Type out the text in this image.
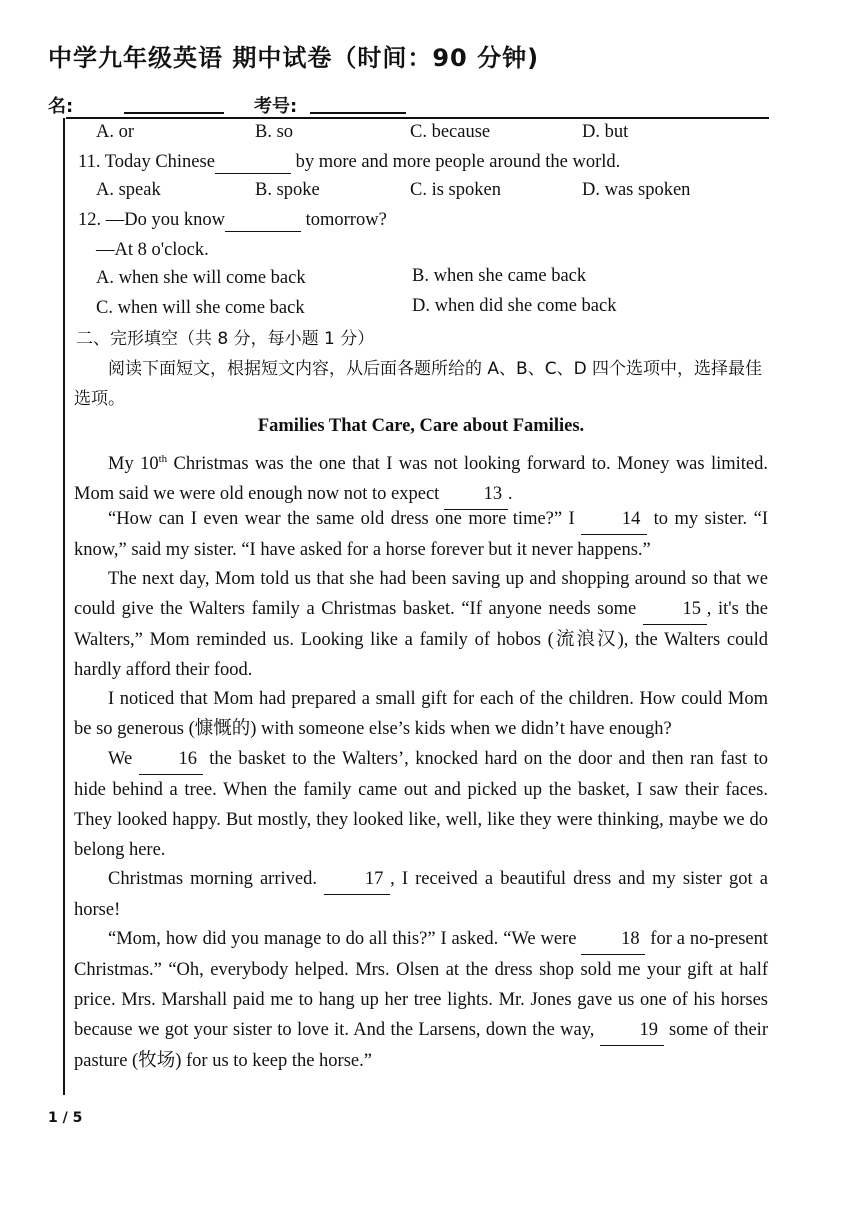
中学九年级英语 期中试卷（时间：90 分钟)
名:	考号:
A. or	B. so	C. because	D. but
11. Today Chinese	by more and more people around the world.
A. speak	B. spoke	C. is spoken	D. was spoken
12. —Do you know	tomorrow?
—At 8 o'clock.
A. when she will come back	B. when she came back
C. when will she come back	D. when did she come back
二、完形填空（共 8 分，每小题 1 分）
阅读下面短文，根据短文内容，从后面各题所给的 A、B、C、D 四个选项中，选择最佳选项。
Families That Care, Care about Families.
My 10th Christmas was the one that I was not looking forward to. Money was limited. Mom said we were old enough now not to expect 13 .
“How can I even wear the same old dress one more time?” I 14 to my sister. “I know,” said my sister. “I have asked for a horse forever but it never happens.”
The next day, Mom told us that she had been saving up and shopping around so that we could give the Walters family a Christmas basket. “If anyone needs some 15 , it's the Walters,” Mom reminded us. Looking like a family of hobos (流浪汉), the Walters could hardly afford their food.
I noticed that Mom had prepared a small gift for each of the children. How could Mom be so generous (慷慨的) with someone else’s kids when we didn’t have enough?
We 16 the basket to the Walters’, knocked hard on the door and then ran fast to hide behind a tree. When the family came out and picked up the basket, I saw their faces. They looked happy. But mostly, they looked like, well, like they were thinking, maybe we do belong here.
Christmas morning arrived. 17 , I received a beautiful dress and my sister got a horse!
“Mom, how did you manage to do all this?” I asked. “We were 18 for a no-present Christmas.” “Oh, everybody helped. Mrs. Olsen at the dress shop sold me your gift at half price. Mrs. Marshall paid me to hang up her tree lights. Mr. Jones gave us one of his horses because we got your sister to love it. And the Larsens, down the way, 19 some of their pasture (牧场) for us to keep the horse.”
1 / 5
